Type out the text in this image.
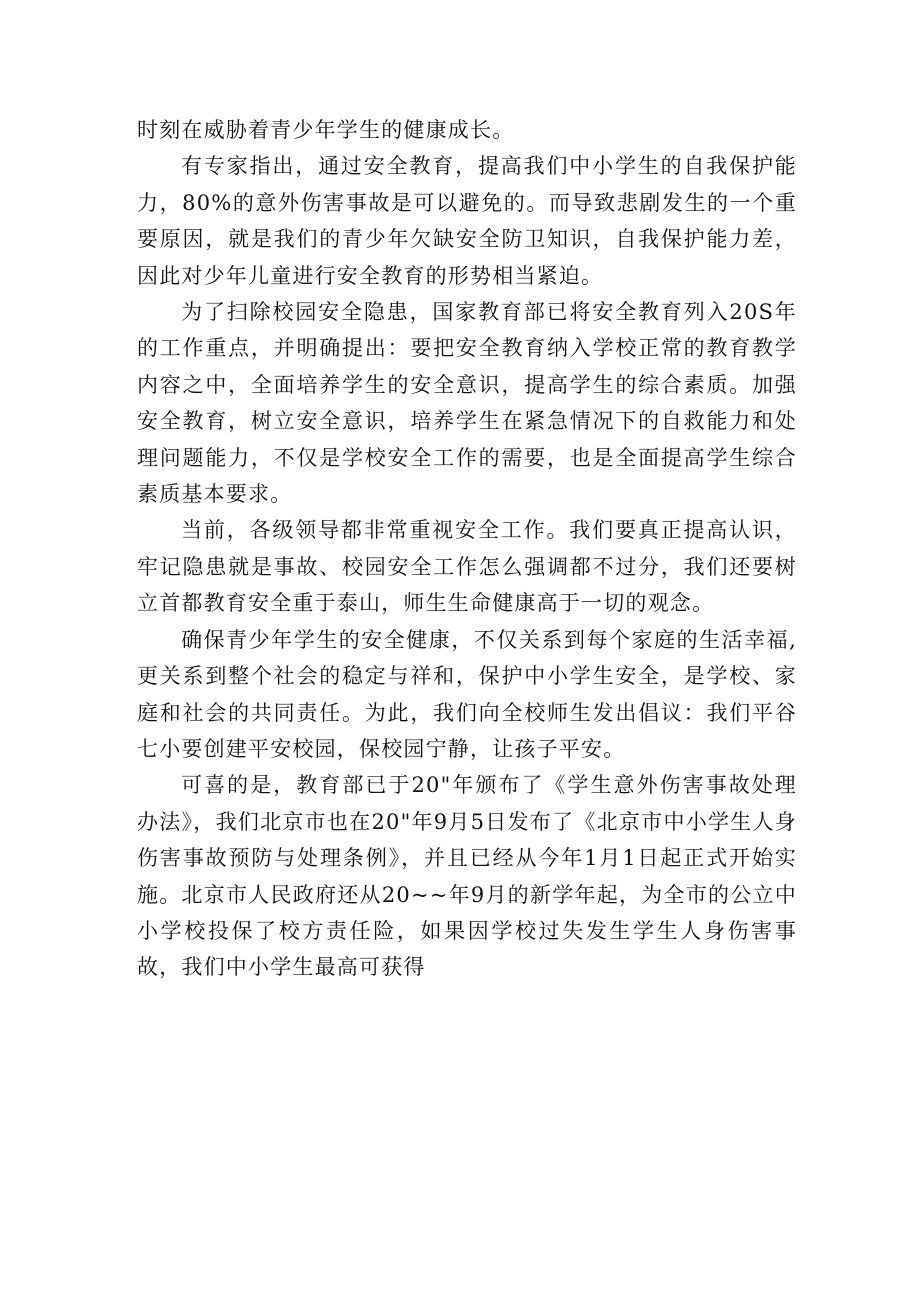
时刻在威胁着青少年学生的健康成长。

有专家指出，通过安全教育，提高我们中小学生的自我保护能力，80%的意外伤害事故是可以避免的。而导致悲剧发生的一个重要原因，就是我们的青少年欠缺安全防卫知识，自我保护能力差，因此对少年儿童进行安全教育的形势相当紧迫。

为了扫除校园安全隐患，国家教育部已将安全教育列入20S年的工作重点，并明确提出：要把安全教育纳入学校正常的教育教学内容之中，全面培养学生的安全意识，提高学生的综合素质。加强安全教育，树立安全意识，培养学生在紧急情况下的自救能力和处理问题能力，不仅是学校安全工作的需要，也是全面提高学生综合素质基本要求。

当前，各级领导都非常重视安全工作。我们要真正提高认识，牢记隐患就是事故、校园安全工作怎么强调都不过分，我们还要树立首都教育安全重于泰山，师生生命健康高于一切的观念。

确保青少年学生的安全健康，不仅关系到每个家庭的生活幸福,更关系到整个社会的稳定与祥和，保护中小学生安全，是学校、家庭和社会的共同责任。为此，我们向全校师生发出倡议：我们平谷七小要创建平安校园，保校园宁静，让孩子平安。

可喜的是，教育部已于20"年颁布了《学生意外伤害事故处理办法》，我们北京市也在20"年9月5日发布了《北京市中小学生人身伤害事故预防与处理条例》，并且已经从今年1月1日起正式开始实施。北京市人民政府还从20~~年9月的新学年起，为全市的公立中小学校投保了校方责任险，如果因学校过失发生学生人身伤害事故，我们中小学生最高可获得
